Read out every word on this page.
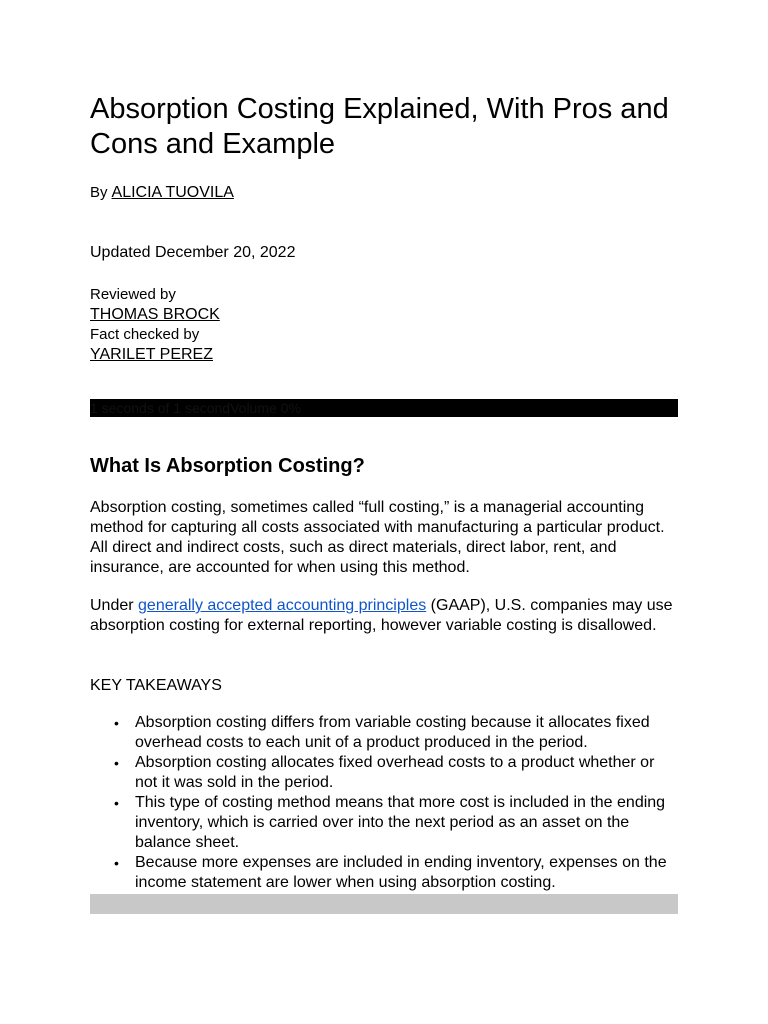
Absorption Costing Explained, With Pros and Cons and Example
By ALICIA TUOVILA
Updated December 20, 2022
Reviewed by
THOMAS BROCK
Fact checked by
YARILET PEREZ
1 seconds of 1 secondVolume 0%
What Is Absorption Costing?

Absorption costing, sometimes called “full costing,” is a managerial accounting method for capturing all costs associated with manufacturing a particular product. All direct and indirect costs, such as direct materials, direct labor, rent, and insurance, are accounted for when using this method.

Under generally accepted accounting principles (GAAP), U.S. companies may use absorption costing for external reporting, however variable costing is disallowed.

KEY TAKEAWAYS
• Absorption costing differs from variable costing because it allocates fixed overhead costs to each unit of a product produced in the period.
• Absorption costing allocates fixed overhead costs to a product whether or not it was sold in the period.
• This type of costing method means that more cost is included in the ending inventory, which is carried over into the next period as an asset on the balance sheet.
• Because more expenses are included in ending inventory, expenses on the income statement are lower when using absorption costing.
